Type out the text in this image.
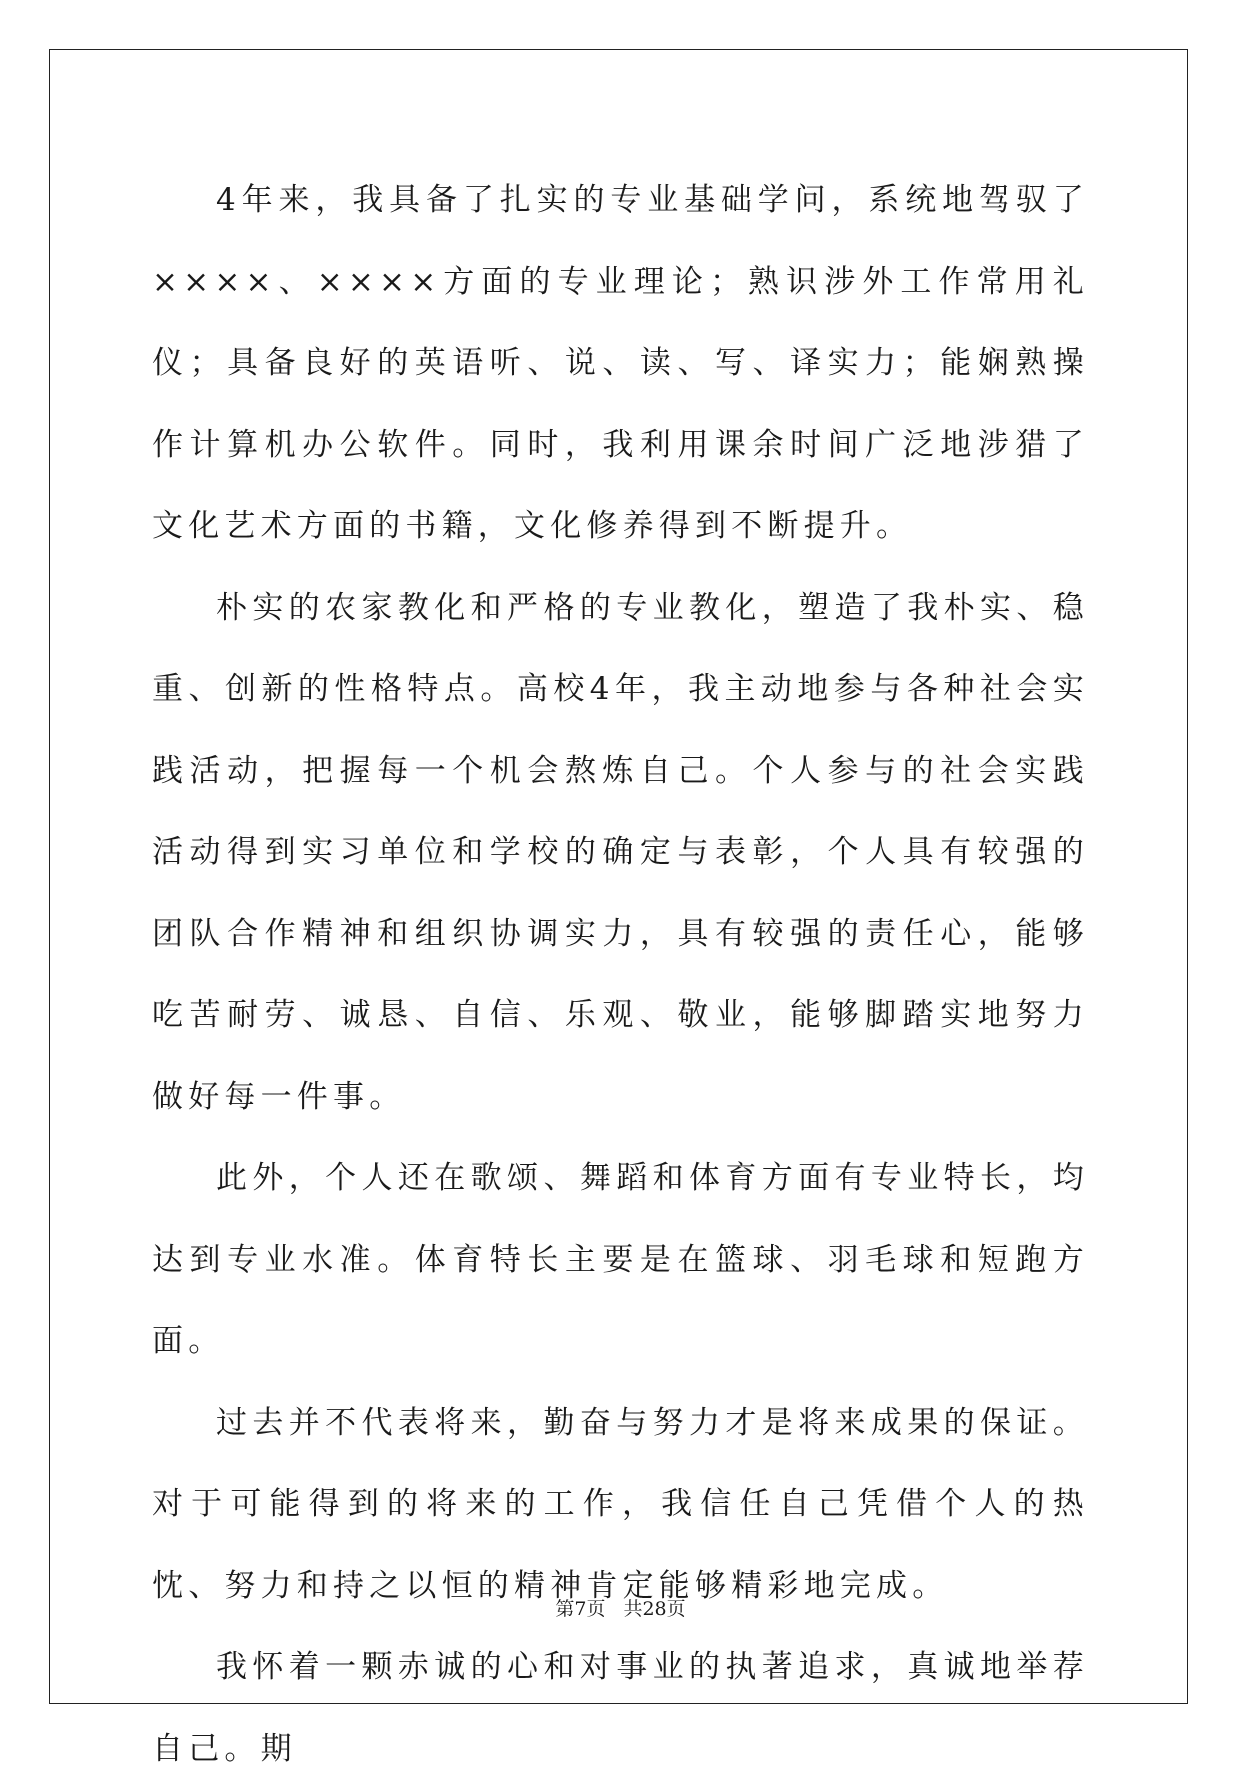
4年来，我具备了扎实的专业基础学问，系统地驾驭了××××、××××方面的专业理论；熟识涉外工作常用礼仪；具备良好的英语听、说、读、写、译实力；能娴熟操作计算机办公软件。同时，我利用课余时间广泛地涉猎了文化艺术方面的书籍，文化修养得到不断提升。

朴实的农家教化和严格的专业教化，塑造了我朴实、稳重、创新的性格特点。高校4年，我主动地参与各种社会实践活动，把握每一个机会熬炼自己。个人参与的社会实践活动得到实习单位和学校的确定与表彰，个人具有较强的团队合作精神和组织协调实力，具有较强的责任心，能够吃苦耐劳、诚恳、自信、乐观、敬业，能够脚踏实地努力做好每一件事。

此外，个人还在歌颂、舞蹈和体育方面有专业特长，均达到专业水准。体育特长主要是在篮球、羽毛球和短跑方面。

过去并不代表将来，勤奋与努力才是将来成果的保证。对于可能得到的将来的工作，我信任自己凭借个人的热忱、努力和持之以恒的精神肯定能够精彩地完成。

我怀着一颗赤诚的心和对事业的执著追求，真诚地举荐自己。期

第7页 共28页
